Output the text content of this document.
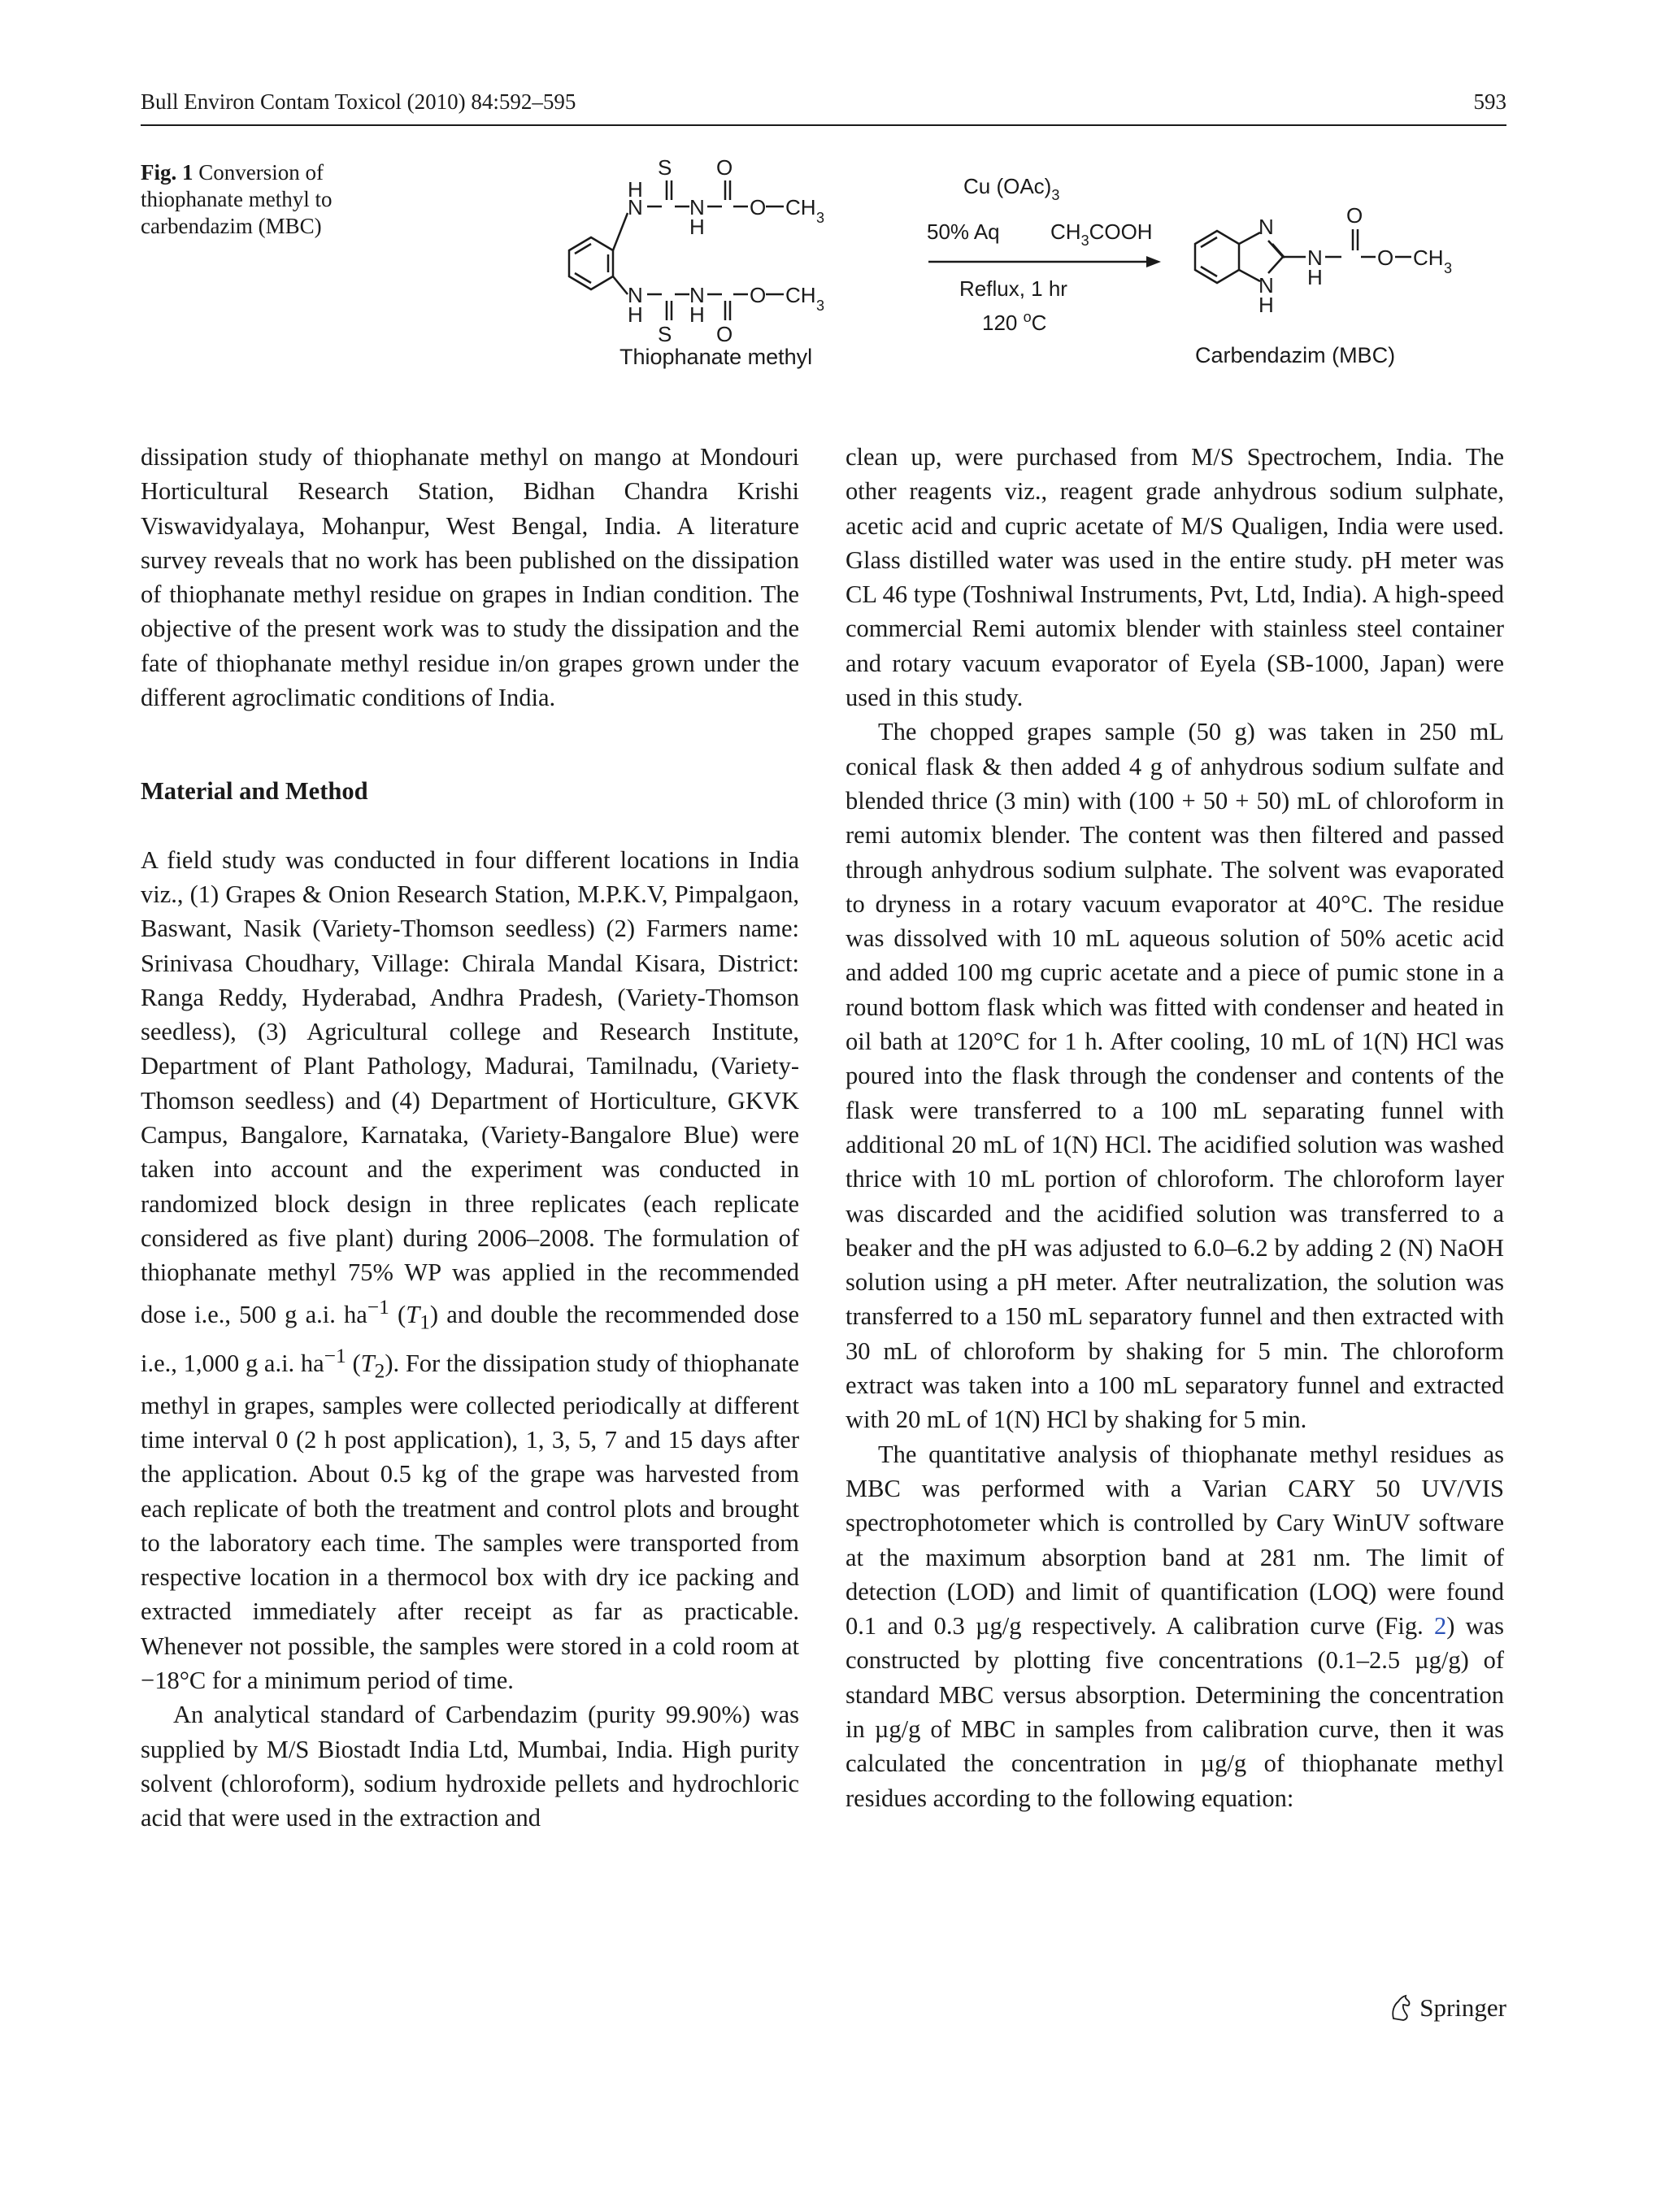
Bull Environ Contam Toxicol (2010) 84:592–595	593
Fig. 1 Conversion of thiophanate methyl to carbendazim (MBC)
S O
H
N N
H
O CH 3
N
H
N
H
O CH 3
S O
Thiophanate methyl
Cu $(OAc)_3$
50% Aq $CH_3COOH$
Reflux, 1 hr
120 $^o$C
N
N
H
N
H
O
O CH 3
Carbendazim (MBC)

dissipation study of thiophanate methyl on mango at Mondouri Horticultural Research Station, Bidhan Chandra Krishi Viswavidyalaya, Mohanpur, West Bengal, India. A literature survey reveals that no work has been published on the dissipation of thiophanate methyl residue on grapes in Indian condition. The objective of the present work was to study the dissipation and the fate of thiophanate methyl residue in/on grapes grown under the different agroclimatic conditions of India.

Material and Method

A field study was conducted in four different locations in India viz., (1) Grapes & Onion Research Station, M.P.K.V, Pimpalgaon, Baswant, Nasik (Variety-Thomson seedless) (2) Farmers name: Srinivasa Choudhary, Village: Chirala Mandal Kisara, District: Ranga Reddy, Hyderabad, Andhra Pradesh, (Variety-Thomson seedless), (3) Agricultural college and Research Institute, Department of Plant Pathology, Madurai, Tamilnadu, (Variety-Thomson seedless) and (4) Department of Horticulture, GKVK Campus, Bangalore, Karnataka, (Variety-Bangalore Blue) were taken into account and the experiment was conducted in randomized block design in three replicates (each replicate considered as five plant) during 2006–2008. The formulation of thiophanate methyl 75% WP was applied in the recommended dose i.e., 500 g a.i. $ha^{-1}$ $(T_1)$ and double the recommended dose i.e., 1,000 g a.i. $ha^{-1}$ $(T_2)$. For the dissipation study of thiophanate methyl in grapes, samples were collected periodically at different time interval 0 (2 h post application), 1, 3, 5, 7 and 15 days after the application. About 0.5 kg of the grape was harvested from each replicate of both the treatment and control plots and brought to the laboratory each time. The samples were transported from respective location in a thermocol box with dry ice packing and extracted immediately after receipt as far as practicable. Whenever not possible, the samples were stored in a cold room at −18°C for a minimum period of time.

An analytical standard of Carbendazim (purity 99.90%) was supplied by M/S Biostadt India Ltd, Mumbai, India. High purity solvent (chloroform), sodium hydroxide pellets and hydrochloric acid that were used in the extraction and

clean up, were purchased from M/S Spectrochem, India. The other reagents viz., reagent grade anhydrous sodium sulphate, acetic acid and cupric acetate of M/S Qualigen, India were used. Glass distilled water was used in the entire study. pH meter was CL 46 type (Toshniwal Instruments, Pvt, Ltd, India). A high-speed commercial Remi automix blender with stainless steel container and rotary vacuum evaporator of Eyela (SB-1000, Japan) were used in this study.

The chopped grapes sample (50 g) was taken in 250 mL conical flask & then added 4 g of anhydrous sodium sulfate and blended thrice (3 min) with (100 + 50 + 50) mL of chloroform in remi automix blender. The content was then filtered and passed through anhydrous sodium sulphate. The solvent was evaporated to dryness in a rotary vacuum evaporator at 40°C. The residue was dissolved with 10 mL aqueous solution of 50% acetic acid and added 100 mg cupric acetate and a piece of pumic stone in a round bottom flask which was fitted with condenser and heated in oil bath at 120°C for 1 h. After cooling, 10 mL of 1(N) HCl was poured into the flask through the condenser and contents of the flask were transferred to a 100 mL separating funnel with additional 20 mL of 1(N) HCl. The acidified solution was washed thrice with 10 mL portion of chloroform. The chloroform layer was discarded and the acidified solution was transferred to a beaker and the pH was adjusted to 6.0–6.2 by adding 2 (N) NaOH solution using a pH meter. After neutralization, the solution was transferred to a 150 mL separatory funnel and then extracted with 30 mL of chloroform by shaking for 5 min. The chloroform extract was taken into a 100 mL separatory funnel and extracted with 20 mL of 1(N) HCl by shaking for 5 min.

The quantitative analysis of thiophanate methyl residues as MBC was performed with a Varian CARY 50 UV/VIS spectrophotometer which is controlled by Cary WinUV software at the maximum absorption band at 281 nm. The limit of detection (LOD) and limit of quantification (LOQ) were found 0.1 and 0.3 µg/g respectively. A calibration curve (Fig. 2) was constructed by plotting five concentrations (0.1–2.5 µg/g) of standard MBC versus absorption. Determining the concentration in µg/g of MBC in samples from calibration curve, then it was calculated the concentration in µg/g of thiophanate methyl residues according to the following equation:

Springer
